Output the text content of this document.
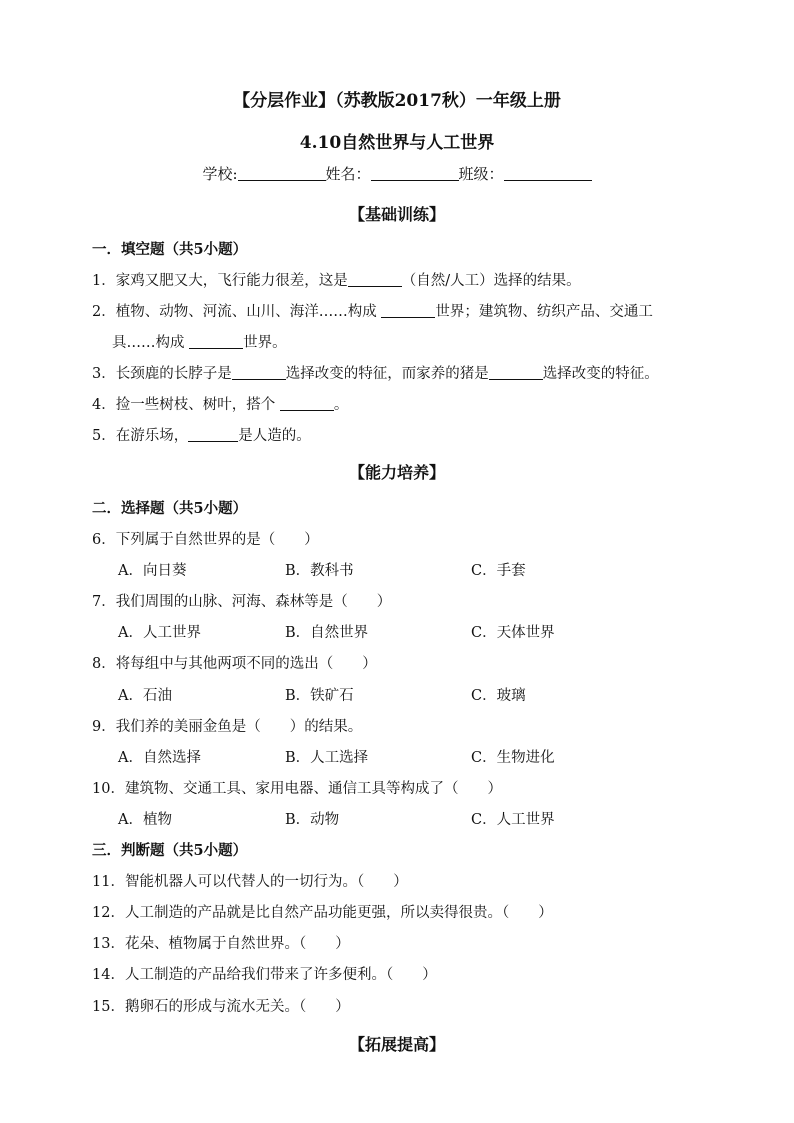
【分层作业】（苏教版2017秋）一年级上册
4.10自然世界与人工世界
学校:	姓名：	班级：
【基础训练】
一．填空题（共5小题）
1．家鸡又肥又大，飞行能力很差，这是	（自然/人工）选择的结果。
2．植物、动物、河流、山川、海洋……构成	世界；建筑物、纺织产品、交通工
具……构成	世界。
3．长颈鹿的长脖子是	选择改变的特征，而家养的猪是	选择改变的特征。
4．捡一些树枝、树叶，搭个	。
5．在游乐场，	是人造的。
【能力培养】
二．选择题（共5小题）
6．下列属于自然世界的是（　　）
A．向日葵	B．教科书	C．手套
7．我们周围的山脉、河海、森林等是（　　）
A．人工世界	B．自然世界	C．天体世界
8．将每组中与其他两项不同的选出（　　）
A．石油	B．铁矿石	C．玻璃
9．我们养的美丽金鱼是（　　）的结果。
A．自然选择	B．人工选择	C．生物进化
10．建筑物、交通工具、家用电器、通信工具等构成了（　　）
A．植物	B．动物	C．人工世界
三．判断题（共5小题）
11．智能机器人可以代替人的一切行为。（　　）
12．人工制造的产品就是比自然产品功能更强，所以卖得很贵。（　　）
13．花朵、植物属于自然世界。（　　）
14．人工制造的产品给我们带来了许多便利。（　　）
15．鹅卵石的形成与流水无关。（　　）
【拓展提高】
